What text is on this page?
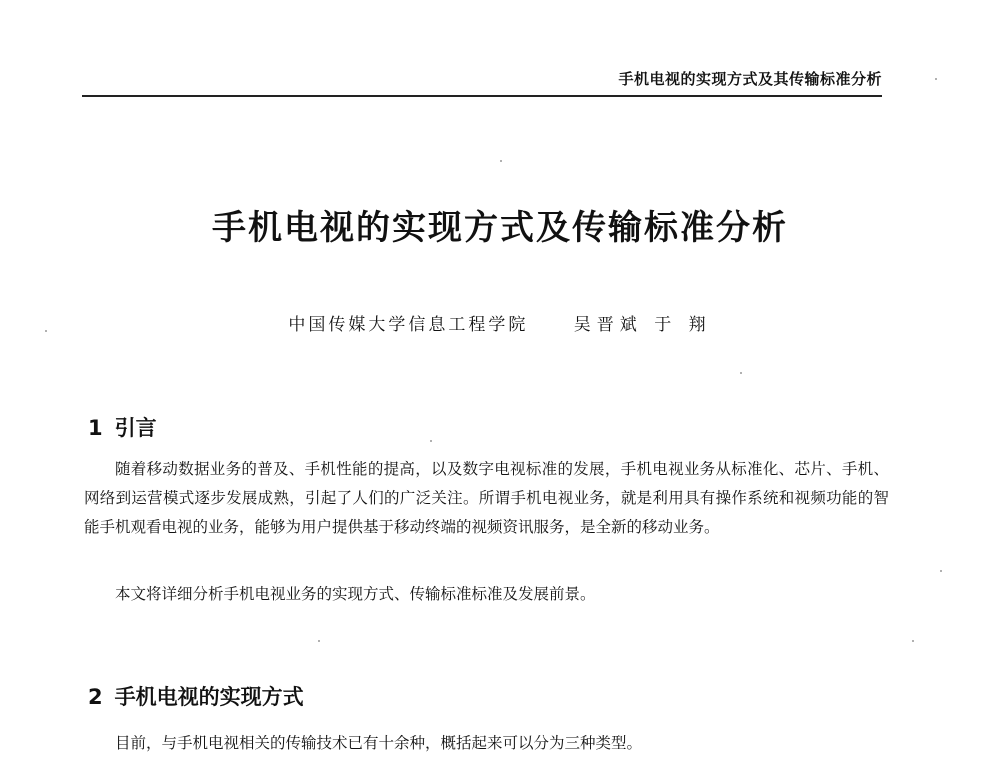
手机电视的实现方式及其传输标准分析
手机电视的实现方式及传输标准分析
中国传媒大学信息工程学院	吴晋斌 于 翔
1 引言

随着移动数据业务的普及、手机性能的提高，以及数字电视标准的发展，手机电视业务从标准化、芯片、手机、网络到运营模式逐步发展成熟，引起了人们的广泛关注。所谓手机电视业务，就是利用具有操作系统和视频功能的智能手机观看电视的业务，能够为用户提供基于移动终端的视频资讯服务，是全新的移动业务。

本文将详细分析手机电视业务的实现方式、传输标准标准及发展前景。

2 手机电视的实现方式

目前，与手机电视相关的传输技术已有十余种，概括起来可以分为三种类型。
